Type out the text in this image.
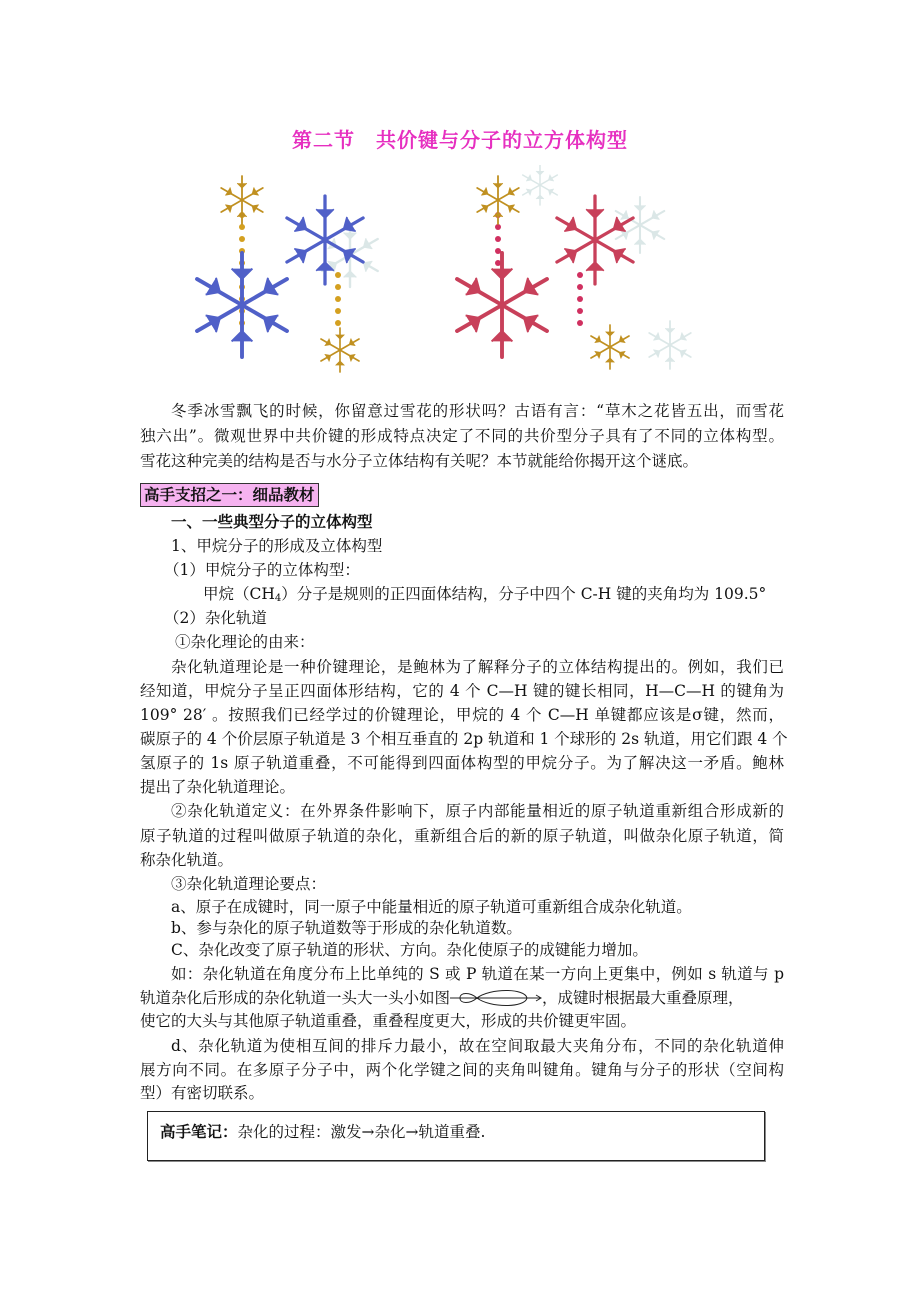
第二节　共价键与分子的立方体构型
冬季冰雪飘飞的时候，你留意过雪花的形状吗？古语有言：“草木之花皆五出，而雪花
独六出”。微观世界中共价键的形成特点决定了不同的共价型分子具有了不同的立体构型。
雪花这种完美的结构是否与水分子立体结构有关呢？本节就能给你揭开这个谜底。
高手支招之一：细品教材
一、一些典型分子的立体构型
1、甲烷分子的形成及立体构型
（1）甲烷分子的立体构型：
甲烷$(CH_4)$分子是规则的正四面体结构，分子中四个 C-H 键的夹角均为 109.5°
（2）杂化轨道
①杂化理论的由来：
杂化轨道理论是一种价键理论，是鲍林为了解释分子的立体结构提出的。例如，我们已
经知道，甲烷分子呈正四面体形结构，它的 4 个 C—H 键的键长相同，H—C—H 的键角为
109° 28′ 。按照我们已经学过的价键理论，甲烷的 4 个 C—H 单键都应该是σ键，然而，
碳原子的 4 个价层原子轨道是 3 个相互垂直的 2p 轨道和 1 个球形的 2s 轨道，用它们跟 4 个
氢原子的 1s 原子轨道重叠，不可能得到四面体构型的甲烷分子。为了解决这一矛盾。鲍林
提出了杂化轨道理论。
②杂化轨道定义：在外界条件影响下，原子内部能量相近的原子轨道重新组合形成新的
原子轨道的过程叫做原子轨道的杂化，重新组合后的新的原子轨道，叫做杂化原子轨道，简
称杂化轨道。
③杂化轨道理论要点：
a、原子在成键时，同一原子中能量相近的原子轨道可重新组合成杂化轨道。
b、参与杂化的原子轨道数等于形成的杂化轨道数。
C、杂化改变了原子轨道的形状、方向。杂化使原子的成键能力增加。
如：杂化轨道在角度分布上比单纯的 S 或 P 轨道在某一方向上更集中，例如 s 轨道与 p
轨道杂化后形成的杂化轨道一头大一头小如图	，成键时根据最大重叠原理，
使它的大头与其他原子轨道重叠，重叠程度更大，形成的共价键更牢固。
d、杂化轨道为使相互间的排斥力最小，故在空间取最大夹角分布，不同的杂化轨道伸
展方向不同。在多原子分子中，两个化学键之间的夹角叫键角。键角与分子的形状（空间构
型）有密切联系。
高手笔记：杂化的过程：激发→杂化→轨道重叠.
